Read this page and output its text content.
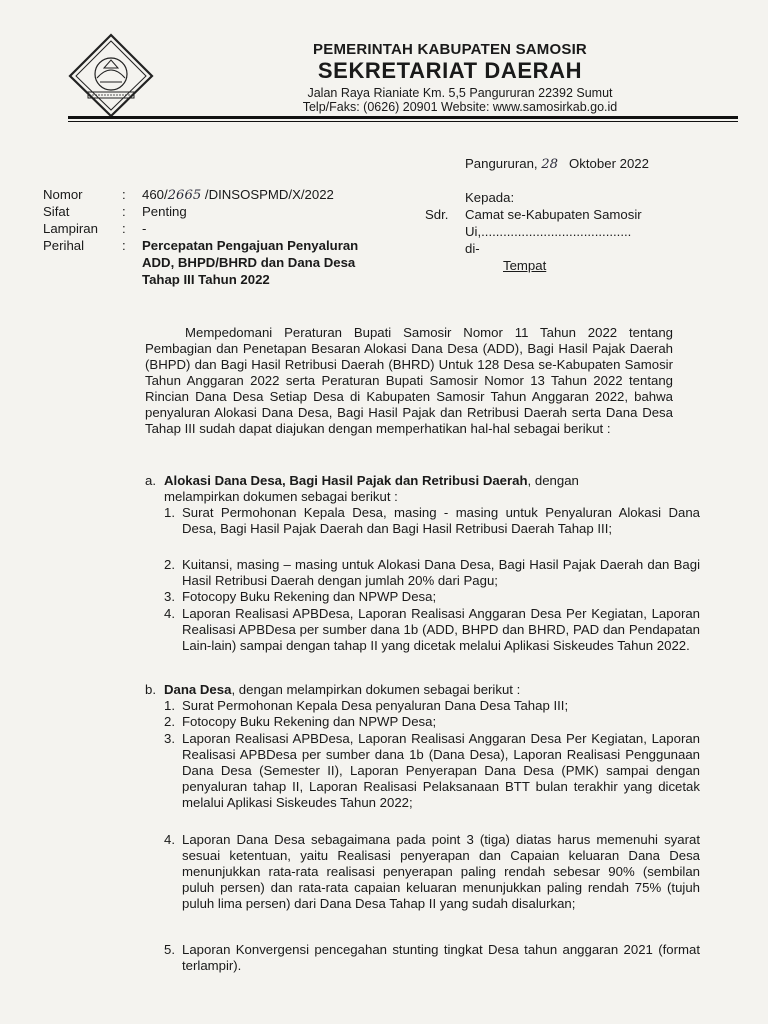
PEMERINTAH KABUPATEN SAMOSIR
SEKRETARIAT DAERAH
Jalan Raya Rianiate Km. 5,5 Pangururan 22392 Sumut
Telp/Faks: (0626) 20901 Website: www.samosirkab.go.id
Pangururan, 28 Oktober 2022
Nomor	: 460/2665 /DINSOSPMD/X/2022
Sifat	: Penting
Lampiran : -
Perihal	: Percepatan Pengajuan Penyaluran
ADD, BHPD/BHRD dan Dana Desa
Tahap III Tahun 2022
Kepada:
Sdr. Camat se-Kabupaten Samosir
Ui,.........................................
di-
Tempat

Mempedomani Peraturan Bupati Samosir Nomor 11 Tahun 2022 tentang Pembagian dan Penetapan Besaran Alokasi Dana Desa (ADD), Bagi Hasil Pajak Daerah (BHPD) dan Bagi Hasil Retribusi Daerah (BHRD) Untuk 128 Desa se-Kabupaten Samosir Tahun Anggaran 2022 serta Peraturan Bupati Samosir Nomor 13 Tahun 2022 tentang Rincian Dana Desa Setiap Desa di Kabupaten Samosir Tahun Anggaran 2022, bahwa penyaluran Alokasi Dana Desa, Bagi Hasil Pajak dan Retribusi Daerah serta Dana Desa Tahap III sudah dapat diajukan dengan memperhatikan hal-hal sebagai berikut :

a. Alokasi Dana Desa, Bagi Hasil Pajak dan Retribusi Daerah, dengan
melampirkan dokumen sebagai berikut :
1. Surat Permohonan Kepala Desa, masing - masing untuk Penyaluran Alokasi Dana Desa, Bagi Hasil Pajak Daerah dan Bagi Hasil Retribusi Daerah Tahap III;
2. Kuitansi, masing – masing untuk Alokasi Dana Desa, Bagi Hasil Pajak Daerah dan Bagi Hasil Retribusi Daerah dengan jumlah 20% dari Pagu;
3. Fotocopy Buku Rekening dan NPWP Desa;
4. Laporan Realisasi APBDesa, Laporan Realisasi Anggaran Desa Per Kegiatan, Laporan Realisasi APBDesa per sumber dana 1b (ADD, BHPD dan BHRD, PAD dan Pendapatan Lain-lain) sampai dengan tahap II yang dicetak melalui Aplikasi Siskeudes Tahun 2022.
b. Dana Desa, dengan melampirkan dokumen sebagai berikut :
1. Surat Permohonan Kepala Desa penyaluran Dana Desa Tahap III;
2. Fotocopy Buku Rekening dan NPWP Desa;
3. Laporan Realisasi APBDesa, Laporan Realisasi Anggaran Desa Per Kegiatan, Laporan Realisasi APBDesa per sumber dana 1b (Dana Desa), Laporan Realisasi Penggunaan Dana Desa (Semester II), Laporan Penyerapan Dana Desa (PMK) sampai dengan penyaluran tahap II, Laporan Realisasi Pelaksanaan BTT bulan terakhir yang dicetak melalui Aplikasi Siskeudes Tahun 2022;
4. Laporan Dana Desa sebagaimana pada point 3 (tiga) diatas harus memenuhi syarat sesuai ketentuan, yaitu Realisasi penyerapan dan Capaian keluaran Dana Desa menunjukkan rata-rata realisasi penyerapan paling rendah sebesar 90% (sembilan puluh persen) dan rata-rata capaian keluaran menunjukkan paling rendah 75% (tujuh puluh lima persen) dari Dana Desa Tahap II yang sudah disalurkan;
5. Laporan Konvergensi pencegahan stunting tingkat Desa tahun anggaran 2021 (format terlampir).
